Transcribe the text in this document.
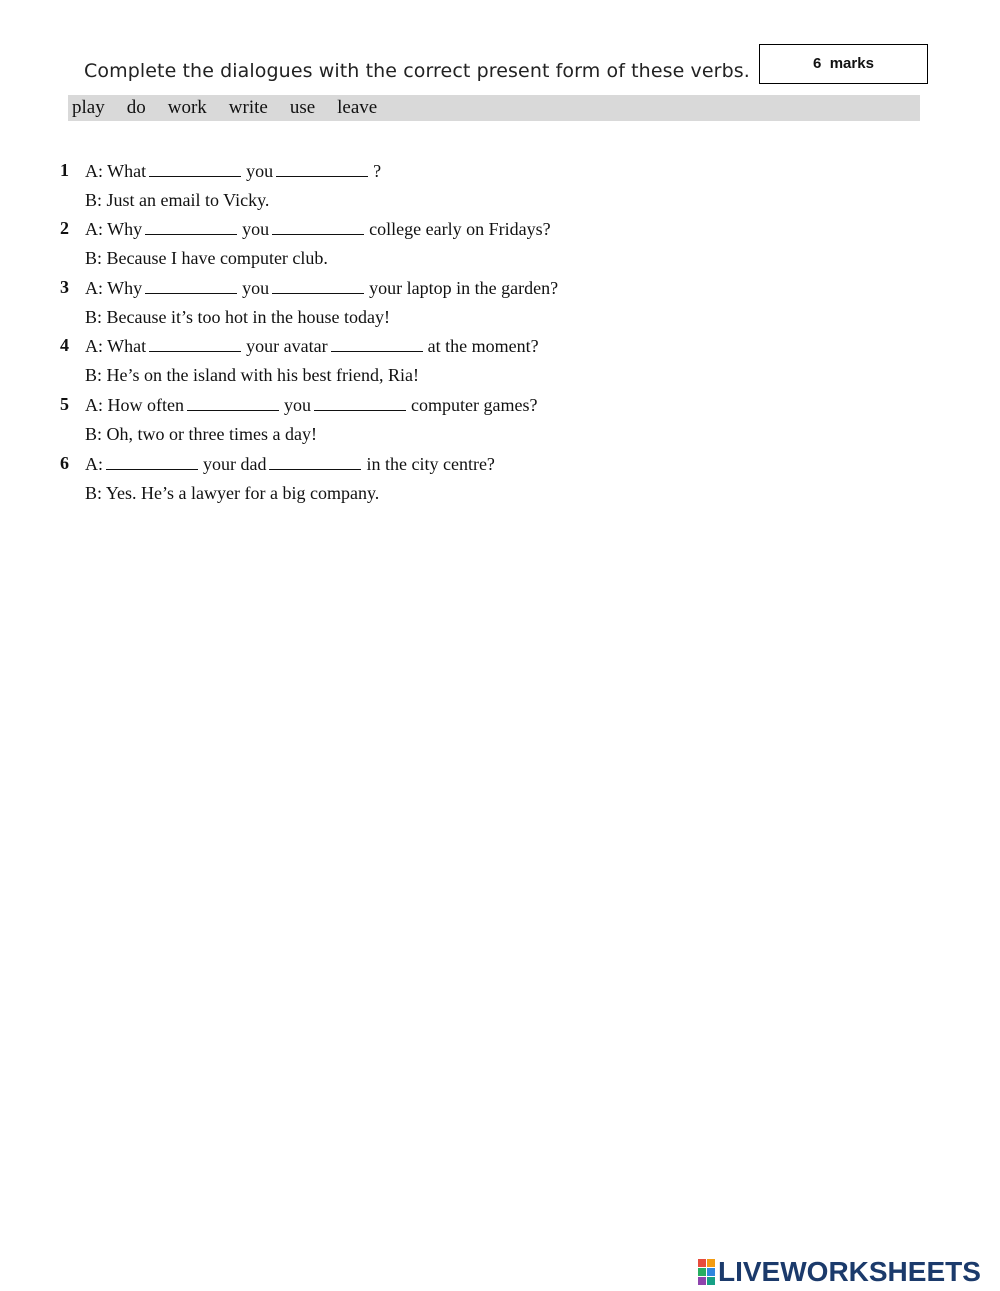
Complete the dialogues with the correct present form of these verbs.	6  marks
play do work write use leave
1 A: What	you	?
B: Just an email to Vicky.
2 A: Why	you	college early on Fridays?
B: Because I have computer club.
3 A: Why	you	your laptop in the garden?
B: Because it’s too hot in the house today!
4 A: What	your avatar	at the moment?
B: He’s on the island with his best friend, Ria!
5 A: How often	you	computer games?
B: Oh, two or three times a day!
6 A:	your dad	in the city centre?
B: Yes. He’s a lawyer for a big company.
LIVEWORKSHEETS
